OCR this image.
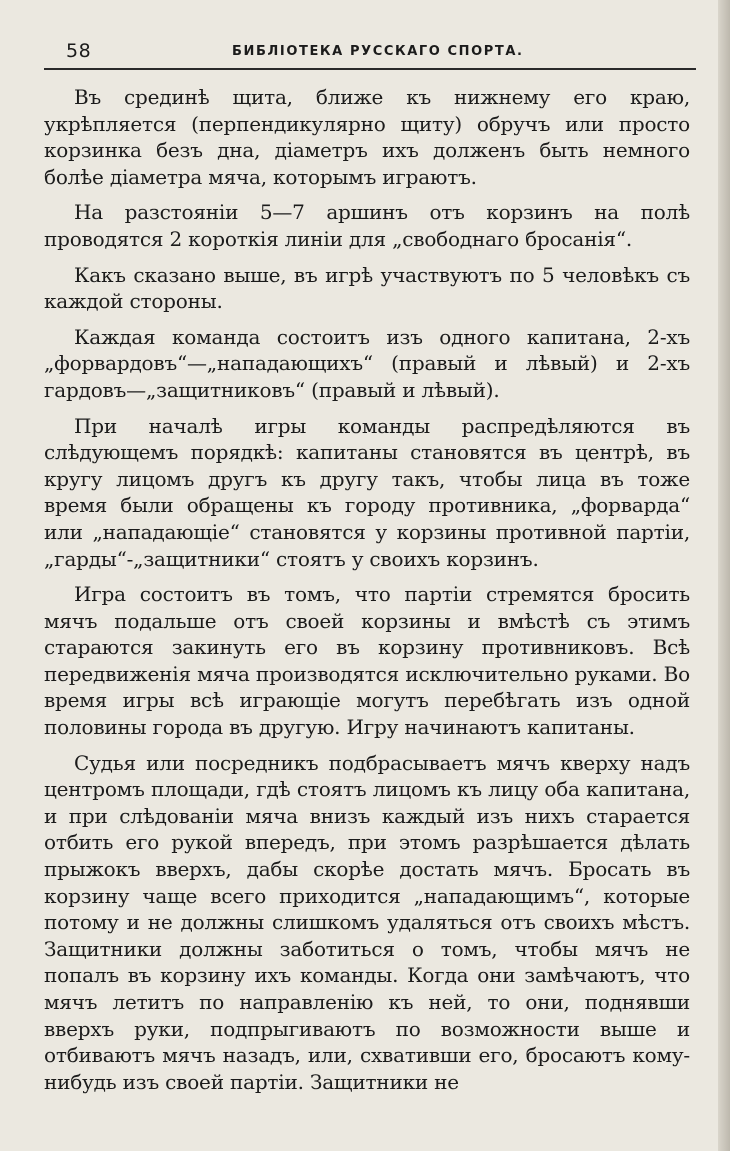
58	БИБЛIОТЕКА РУССКАГО СПОРТА.

Въ срединѣ щита, ближе къ нижнему его краю, укрѣпляется (перпендикулярно щиту) обручъ или просто корзинка безъ дна, дiаметръ ихъ долженъ быть немного болѣе дiаметра мяча, которымъ играютъ.

На разстоянiи 5—7 аршинъ отъ корзинъ на полѣ проводятся 2 короткiя линiи для „свободнаго бросанiя“.

Какъ сказано выше, въ игрѣ участвуютъ по 5 человѣкъ съ каждой стороны.

Каждая команда состоитъ изъ одного капитана, 2-хъ „форвардовъ“—„нападающихъ“ (правый и лѣвый) и 2-хъ гардовъ—„защитниковъ“ (правый и лѣвый).

При началѣ игры команды распредѣляются въ слѣдующемъ порядкѣ: капитаны становятся въ центрѣ, въ кругу лицомъ другъ къ другу такъ, чтобы лица въ тоже время были обращены къ городу противника, „форварда“ или „нападающiе“ становятся у корзины противной партiи, „гарды“-„защитники“ стоятъ у своихъ корзинъ.

Игра состоитъ въ томъ, что партiи стремятся бросить мячъ подальше отъ своей корзины и вмѣстѣ съ этимъ стараются закинуть его въ корзину противниковъ. Всѣ передвиженiя мяча производятся исключительно руками. Во время игры всѣ играющiе могутъ перебѣгать изъ одной половины города въ другую. Игру начинаютъ капитаны.

Судья или посредникъ подбрасываетъ мячъ кверху надъ центромъ площади, гдѣ стоятъ лицомъ къ лицу оба капитана, и при слѣдованiи мяча внизъ каждый изъ нихъ старается отбить его рукой впередъ, при этомъ разрѣшается дѣлать прыжокъ вверхъ, дабы скорѣе достать мячъ. Бросать въ корзину чаще всего приходится „нападающимъ“, которые потому и не должны слишкомъ удаляться отъ своихъ мѣстъ. Защитники должны заботиться о томъ, чтобы мячъ не попалъ въ корзину ихъ команды. Когда они замѣчаютъ, что мячъ летитъ по направленiю къ ней, то они, поднявши вверхъ руки, подпрыгиваютъ по возможности выше и отбиваютъ мячъ назадъ, или, схвативши его, бросаютъ кому-нибудь изъ своей партiи. Защитники не
